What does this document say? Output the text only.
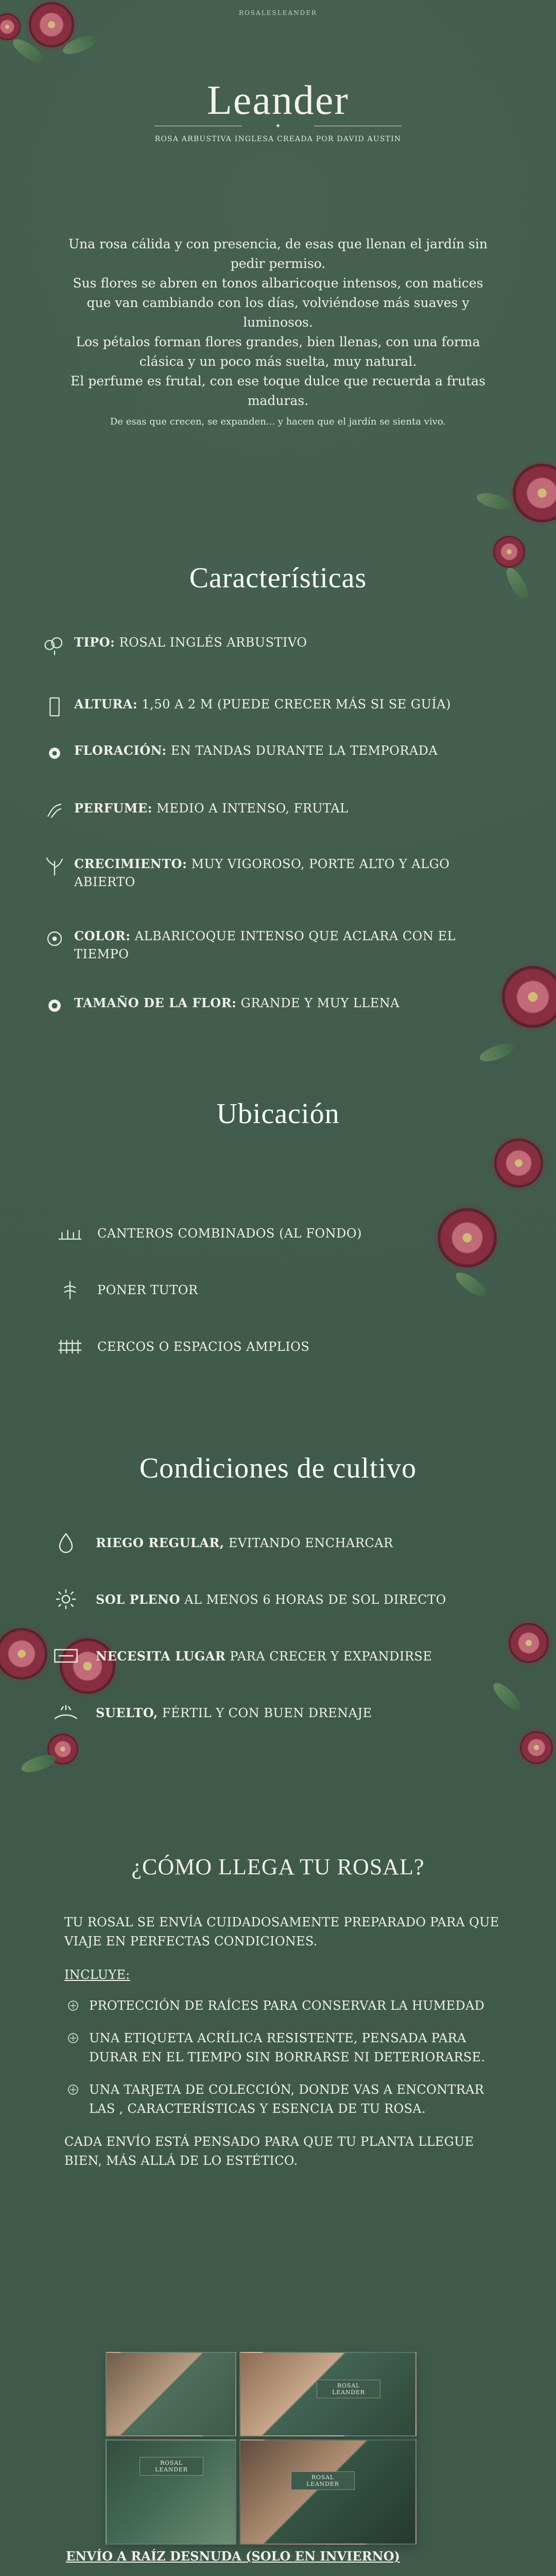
ROSALESLEANDER
Leander
✦
ROSA ARBUSTIVA INGLESA CREADA POR DAVID AUSTIN

Una rosa cálida y con presencia, de esas que llenan el jardín sin

pedir permiso.

Sus flores se abren en tonos albaricoque intensos, con matices

que van cambiando con los días, volviéndose más suaves y

luminosos.

Los pétalos forman flores grandes, bien llenas, con una forma

clásica y un poco más suelta, muy natural.

El perfume es frutal, con ese toque dulce que recuerda a frutas

maduras.

De esas que crecen, se expanden... y hacen que el jardín se sienta vivo.

Características
TIPO: ROSAL INGLÉS ARBUSTIVO
ALTURA: 1,50 A 2 M (PUEDE CRECER MÁS SI SE GUÍA)
FLORACIÓN: EN TANDAS DURANTE LA TEMPORADA
PERFUME: MEDIO A INTENSO, FRUTAL
CRECIMIENTO: MUY VIGOROSO, PORTE ALTO Y ALGO ABIERTO
COLOR: ALBARICOQUE INTENSO QUE ACLARA CON EL TIEMPO
TAMAÑO DE LA FLOR: GRANDE Y MUY LLENA
Ubicación
CANTEROS COMBINADOS (AL FONDO)
PONER TUTOR
CERCOS O ESPACIOS AMPLIOS
Condiciones de cultivo
RIEGO REGULAR, EVITANDO ENCHARCAR
SOL PLENO AL MENOS 6 HORAS DE SOL DIRECTO
NECESITA LUGAR PARA CRECER Y EXPANDIRSE
SUELTO, FÉRTIL Y CON BUEN DRENAJE
¿CÓMO LLEGA TU ROSAL?

TU ROSAL SE ENVÍA CUIDADOSAMENTE PREPARADO PARA QUE VIAJE EN PERFECTAS CONDICIONES.

INCLUYE:

PROTECCIÓN DE RAÍCES PARA CONSERVAR LA HUMEDAD
UNA ETIQUETA ACRÍLICA RESISTENTE, PENSADA PARA DURAR EN EL TIEMPO SIN BORRARSE NI DETERIORARSE.
UNA TARJETA DE COLECCIÓN, DONDE VAS A ENCONTRAR LAS , CARACTERÍSTICAS Y ESENCIA DE TU ROSA.

CADA ENVÍO ESTÁ PENSADO PARA QUE TU PLANTA LLEGUE BIEN, MÁS ALLÁ DE LO ESTÉTICO.

ROSAL LEANDER
ROSAL LEANDER
ROSAL LEANDER
ENVÍO A RAÍZ DESNUDA (SOLO EN INVIERNO)
